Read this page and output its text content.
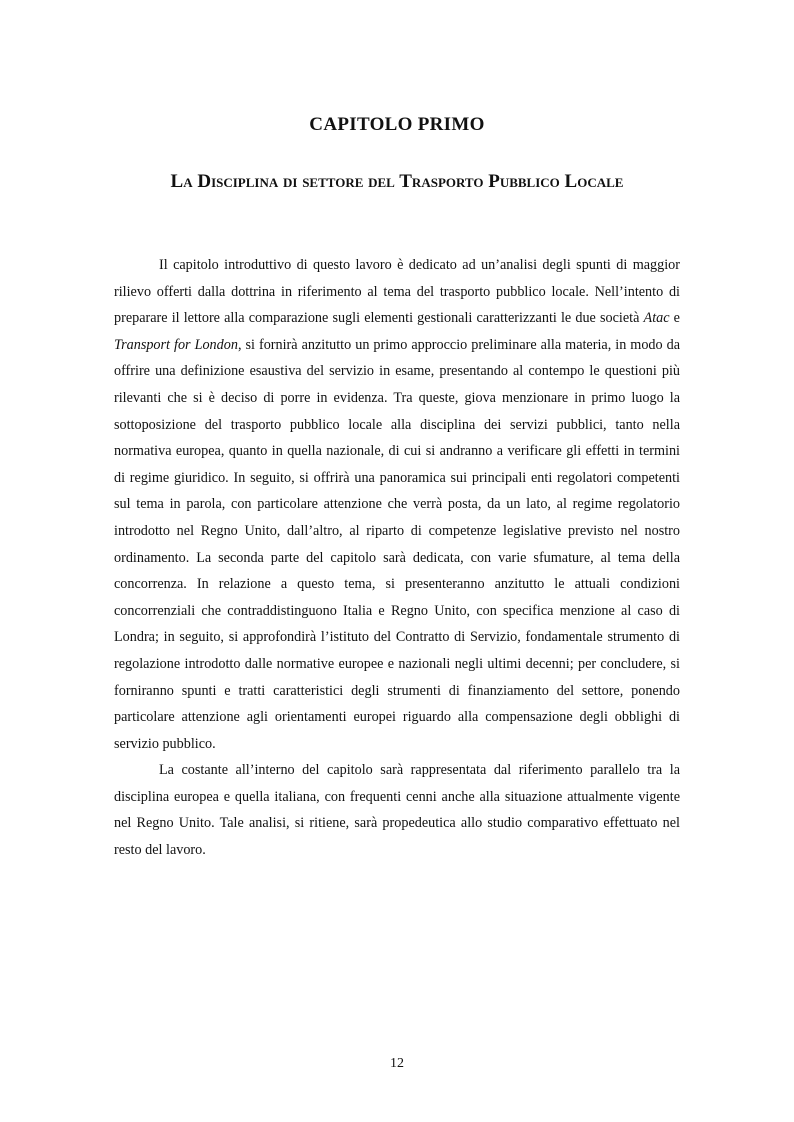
CAPITOLO PRIMO
La Disciplina di settore del Trasporto Pubblico Locale

Il capitolo introduttivo di questo lavoro è dedicato ad un’analisi degli spunti di maggior rilievo offerti dalla dottrina in riferimento al tema del trasporto pubblico locale. Nell’intento di preparare il lettore alla comparazione sugli elementi gestionali caratterizzanti le due società Atac e Transport for London, si fornirà anzitutto un primo approccio preliminare alla materia, in modo da offrire una definizione esaustiva del servizio in esame, presentando al contempo le questioni più rilevanti che si è deciso di porre in evidenza. Tra queste, giova menzionare in primo luogo la sottoposizione del trasporto pubblico locale alla disciplina dei servizi pubblici, tanto nella normativa europea, quanto in quella nazionale, di cui si andranno a verificare gli effetti in termini di regime giuridico. In seguito, si offrirà una panoramica sui principali enti regolatori competenti sul tema in parola, con particolare attenzione che verrà posta, da un lato, al regime regolatorio introdotto nel Regno Unito, dall’altro, al riparto di competenze legislative previsto nel nostro ordinamento. La seconda parte del capitolo sarà dedicata, con varie sfumature, al tema della concorrenza. In relazione a questo tema, si presenteranno anzitutto le attuali condizioni concorrenziali che contraddistinguono Italia e Regno Unito, con specifica menzione al caso di Londra; in seguito, si approfondirà l’istituto del Contratto di Servizio, fondamentale strumento di regolazione introdotto dalle normative europee e nazionali negli ultimi decenni; per concludere, si forniranno spunti e tratti caratteristici degli strumenti di finanziamento del settore, ponendo particolare attenzione agli orientamenti europei riguardo alla compensazione degli obblighi di servizio pubblico.

La costante all’interno del capitolo sarà rappresentata dal riferimento parallelo tra la disciplina europea e quella italiana, con frequenti cenni anche alla situazione attualmente vigente nel Regno Unito. Tale analisi, si ritiene, sarà propedeutica allo studio comparativo effettuato nel resto del lavoro.

12
